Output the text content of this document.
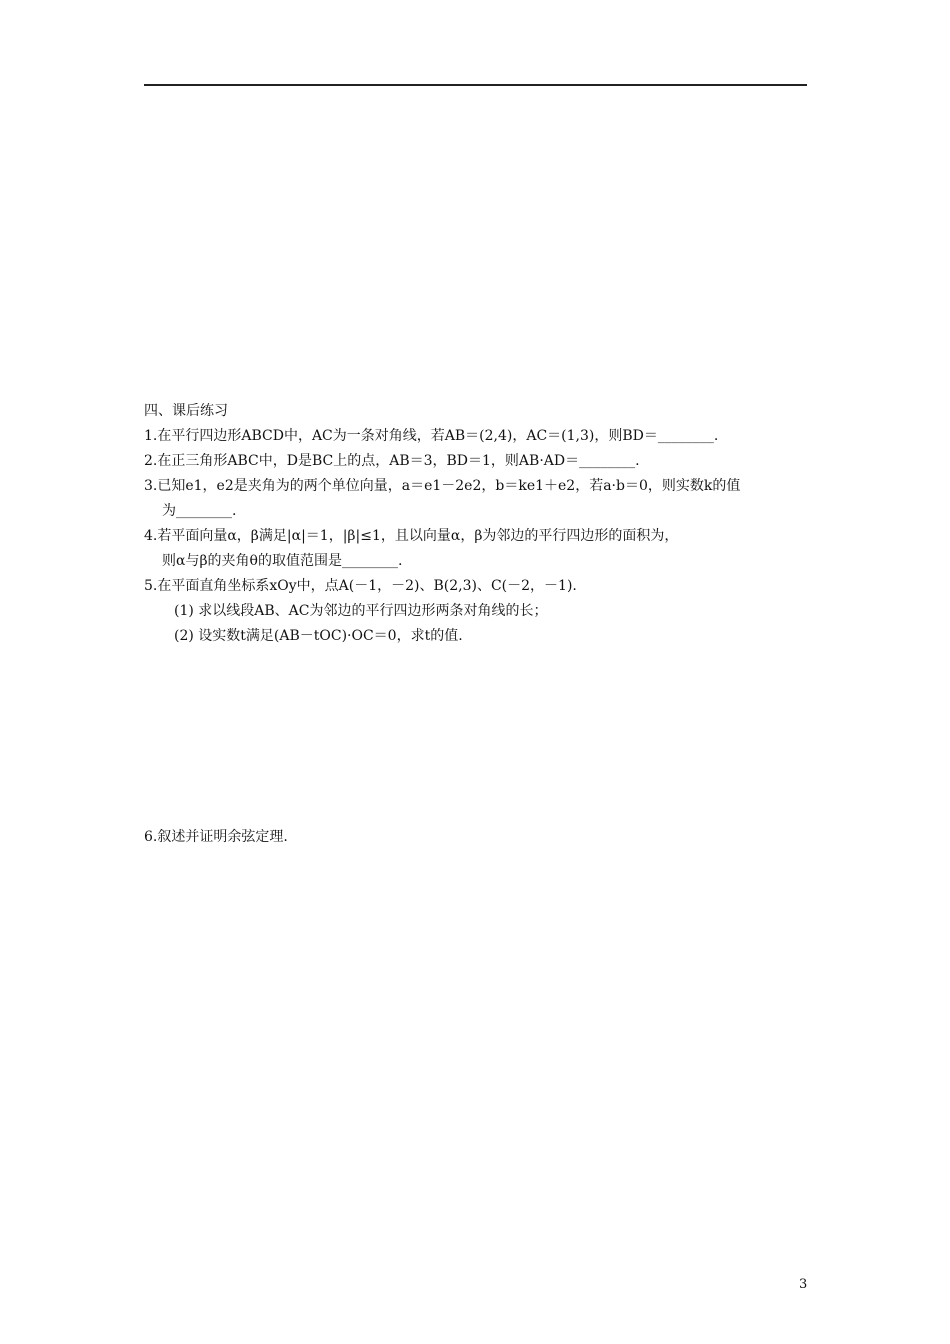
四、课后练习
1.在平行四边形ABCD中，AC为一条对角线，若AB＝(2,4)，AC＝(1,3)，则BD＝________.
2.在正三角形ABC中，D是BC上的点，AB＝3，BD＝1，则AB·AD＝________.
3.已知e1，e2是夹角为的两个单位向量，a＝e1－2e2，b＝ke1＋e2，若a·b＝0，则实数k的值
为________.
4.若平面向量α，β满足|α|＝1，|β|≤1，且以向量α，β为邻边的平行四边形的面积为，
则α与β的夹角θ的取值范围是________.
5.在平面直角坐标系xOy中，点A(－1，－2)、B(2,3)、C(－2，－1).
(1) 求以线段AB、AC为邻边的平行四边形两条对角线的长；
(2) 设实数t满足(AB－tOC)·OC＝0，求t的值.
6.叙述并证明余弦定理.
3
